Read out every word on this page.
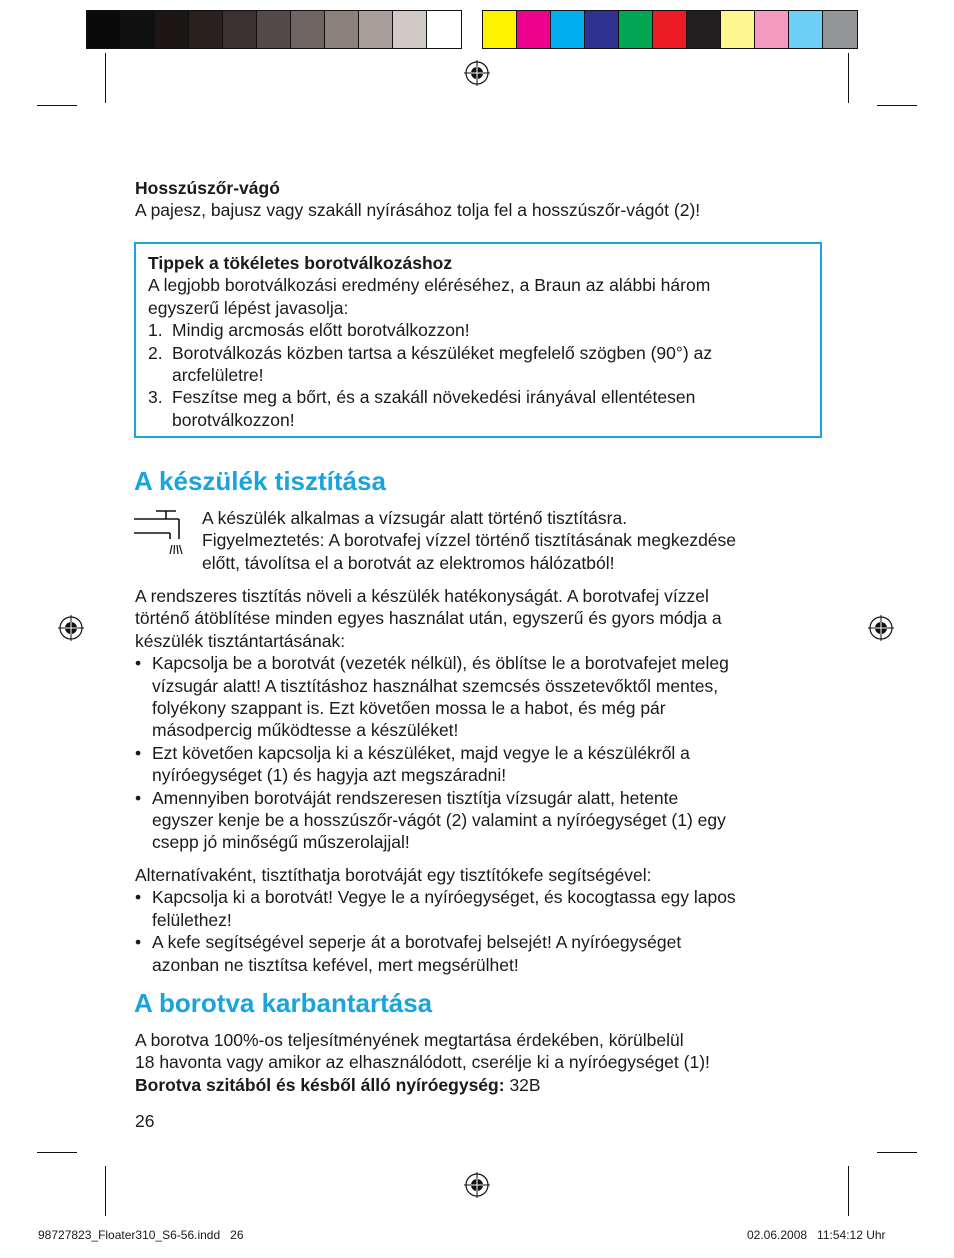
Hosszúszőr-vágó

A pajesz, bajusz vagy szakáll nyírásához tolja fel a hosszúszőr-vágót (2)!

Tippek a tökéletes borotválkozáshoz

A legjobb borotválkozási eredmény eléréséhez, a Braun az alábbi három

egyszerű lépést javasolja:

1. Mindig arcmosás előtt borotválkozzon!
2. Borotválkozás közben tartsa a készüléket megfelelő szögben (90°) az
arcfelületre!
3. Feszítse meg a bőrt, és a szakáll növekedési irányával ellentétesen
borotválkozzon!
A készülék tisztítása

A készülék alkalmas a vízsugár alatt történő tisztításra.

Figyelmeztetés: A borotvafej vízzel történő tisztításának megkezdése

előtt, távolítsa el a borotvát az elektromos hálózatból!

A rendszeres tisztítás növeli a készülék hatékonyságát. A borotvafej vízzel

történő átöblítése minden egyes használat után, egyszerű és gyors módja a

készülék tisztántartásának:

• Kapcsolja be a borotvát (vezeték nélkül), és öblítse le a borotvafejet meleg

vízsugár alatt! A tisztításhoz használhat szemcsés összetevőktől mentes,

folyékony szappant is. Ezt követően mossa le a habot, és még pár

másodpercig működtesse a készüléket!

• Ezt követően kapcsolja ki a készüléket, majd vegye le a készülékről a

nyíróegységet (1) és hagyja azt megszáradni!

• Amennyiben borotváját rendszeresen tisztítja vízsugár alatt, hetente

egyszer kenje be a hosszúszőr-vágót (2) valamint a nyíróegységet (1) egy

csepp jó minőségű műszerolajjal!

Alternatívaként, tisztíthatja borotváját egy tisztítókefe segítségével:

• Kapcsolja ki a borotvát! Vegye le a nyíróegységet, és kocogtassa egy lapos

felülethez!

• A kefe segítségével seperje át a borotvafej belsejét! A nyíróegységet

azonban ne tisztítsa kefével, mert megsérülhet!

A borotva karbantartása

A borotva 100%-os teljesítményének megtartása érdekében, körülbelül

18 havonta vagy amikor az elhasználódott, cserélje ki a nyíróegységet (1)!

Borotva szitából és késből álló nyíróegység: 32B

26
98727823_Floater310_S6-56.indd   26	02.06.2008   11:54:12 Uhr
